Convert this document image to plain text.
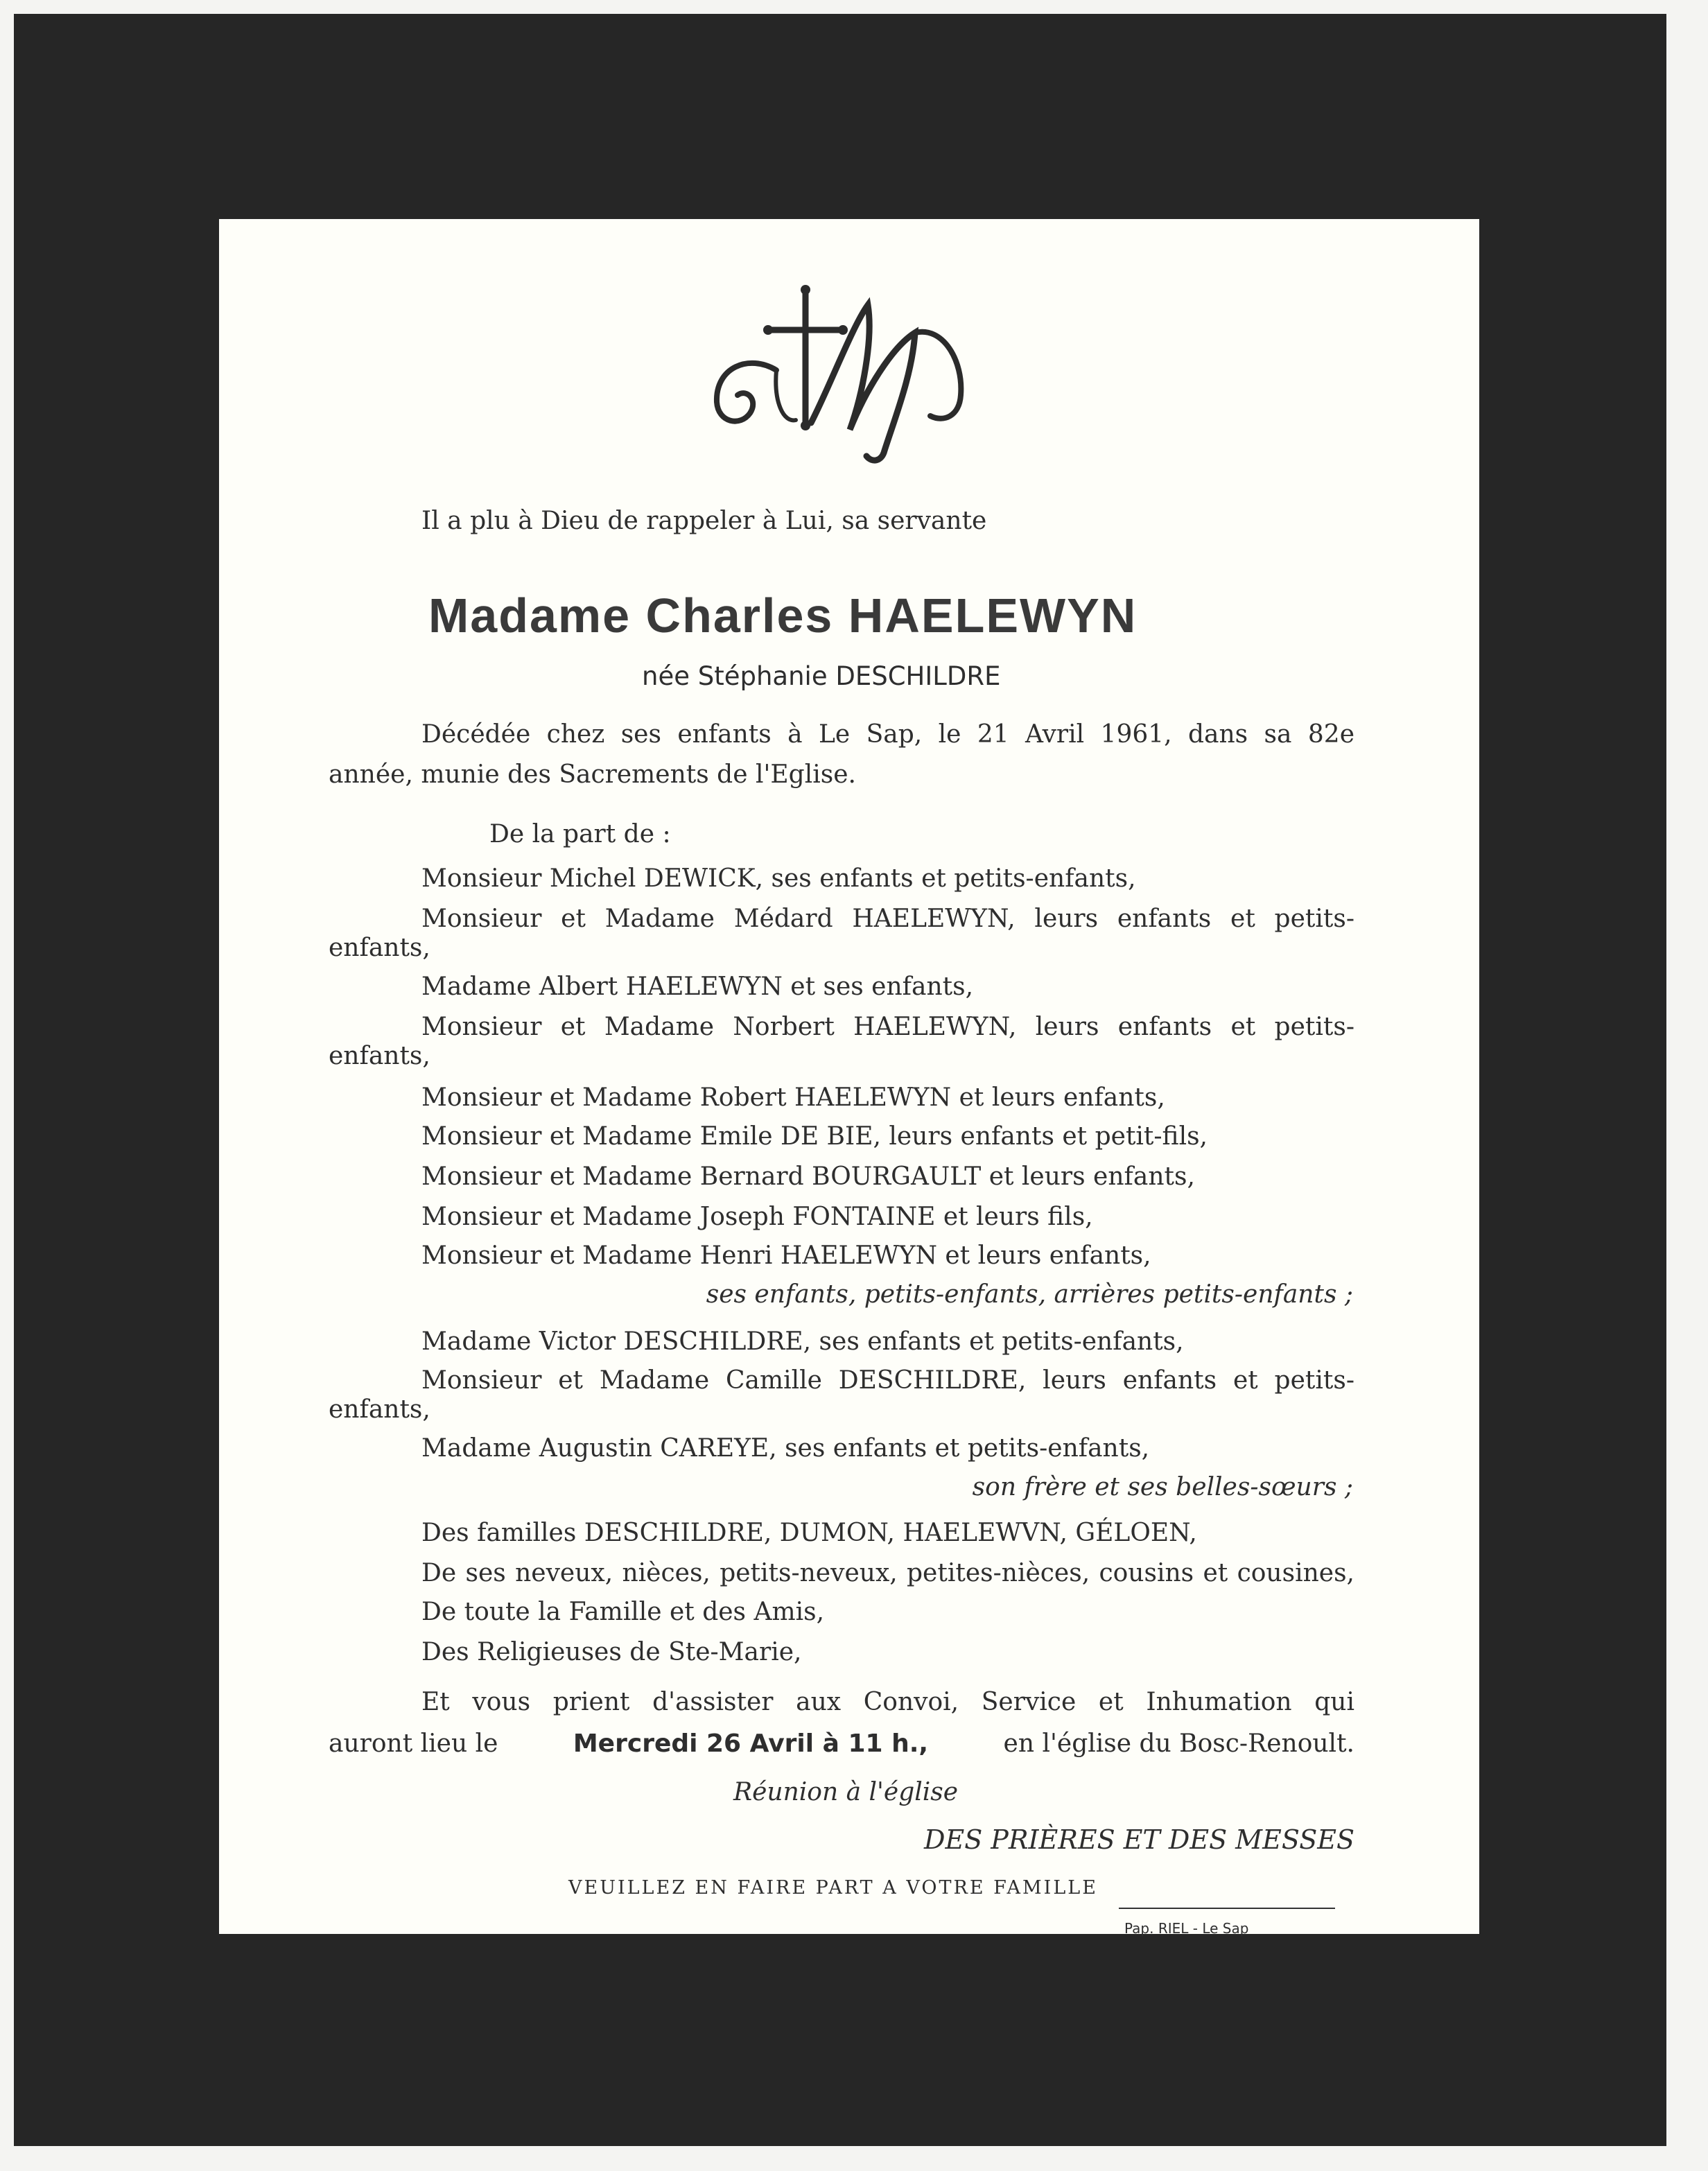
Il a plu à Dieu de rappeler à Lui, sa servante
Madame Charles HAELEWYN
née Stéphanie DESCHILDRE
Décédée chez ses enfants à Le Sap, le 21 Avril 1961, dans sa 82e
année, munie des Sacrements de l'Eglise.
De la part de :
Monsieur Michel DEWICK, ses enfants et petits-enfants,
Monsieur et Madame Médard HAELEWYN, leurs enfants et petits-
enfants,
Madame Albert HAELEWYN et ses enfants,
Monsieur et Madame Norbert HAELEWYN, leurs enfants et petits-
enfants,
Monsieur et Madame Robert HAELEWYN et leurs enfants,
Monsieur et Madame Emile DE BIE, leurs enfants et petit-fils,
Monsieur et Madame Bernard BOURGAULT et leurs enfants,
Monsieur et Madame Joseph FONTAINE et leurs fils,
Monsieur et Madame Henri HAELEWYN et leurs enfants,
ses enfants, petits-enfants, arrières petits-enfants ;
Madame Victor DESCHILDRE, ses enfants et petits-enfants,
Monsieur et Madame Camille DESCHILDRE, leurs enfants et petits-
enfants,
Madame Augustin CAREYE, ses enfants et petits-enfants,
son frère et ses belles-sœurs ;
Des familles DESCHILDRE, DUMON, HAELEWVN, GÉLOEN,
De ses neveux, nièces, petits-neveux, petites-nièces, cousins et cousines,
De toute la Famille et des Amis,
Des Religieuses de Ste-Marie,
Et vous prient d'assister aux Convoi, Service et Inhumation qui
auront lieu le	Mercredi 26 Avril à 11 h.,	en l'église du Bosc-Renoult.
Réunion à l'église
DES PRIÈRES ET DES MESSES
VEUILLEZ EN FAIRE PART A VOTRE FAMILLE
Pap. RIEL - Le Sap
